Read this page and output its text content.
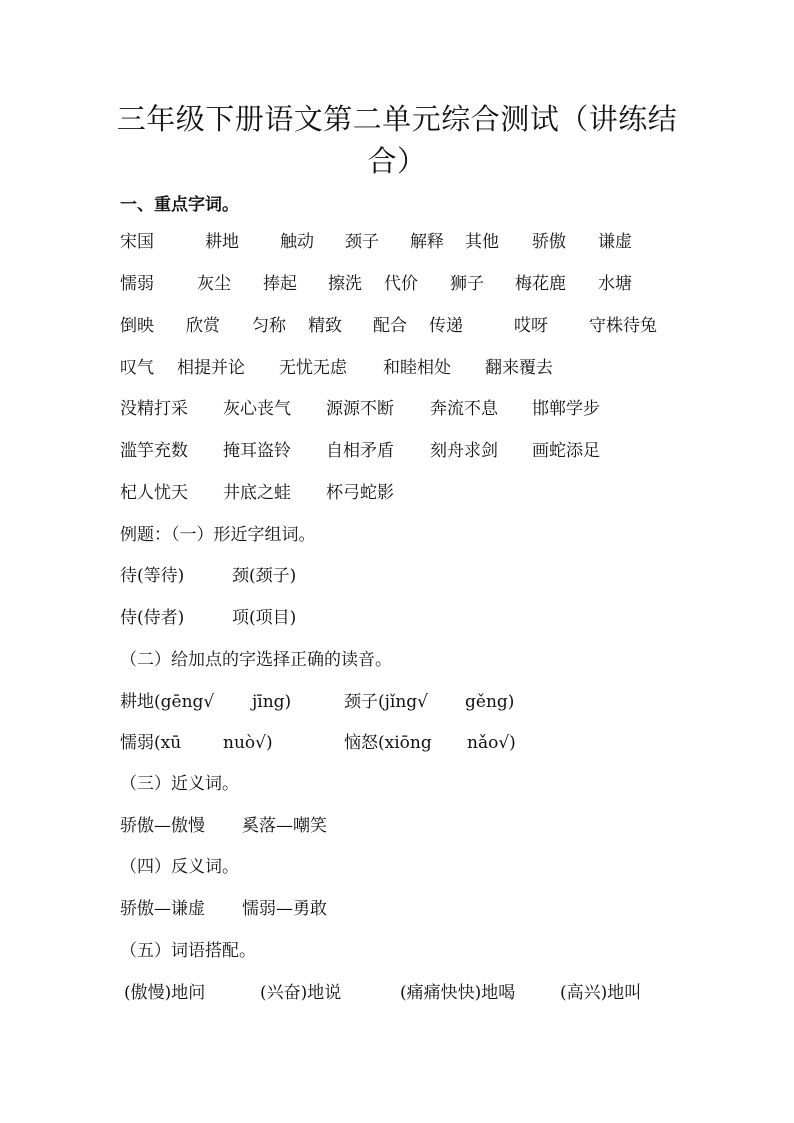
三年级下册语文第二单元综合测试（讲练结
合）
一、重点字词。
宋国	耕地 触动 颈子 解释 其他 骄傲 谦虚
懦弱	灰尘 捧起 擦洗 代价 狮子 梅花鹿 水塘
倒映 欣赏 匀称 精致 配合 传递	哎呀 守株待兔
叹气 相提并论 无忧无虑 和睦相处 翻来覆去
没精打采 灰心丧气 源源不断 奔流不息 邯郸学步
滥竽充数 掩耳盗铃 自相矛盾 刻舟求剑 画蛇添足
杞人忧天 井底之蛙 杯弓蛇影
例题：（一）形近字组词。
待(等待)	颈(颈子)
侍(侍者)	项(项目)
（二）给加点的字选择正确的读音。
耕地(gēng√ jīng)	颈子(jǐng√ gěng)
懦弱(xū nuò√)	恼怒(xiōng nǎo√)
（三）近义词。
骄傲—傲慢 奚落—嘲笑
（四）反义词。
骄傲—谦虚 懦弱—勇敢
（五）词语搭配。
(傲慢)地问	(兴奋)地说	(痛痛快快)地喝	(高兴)地叫
